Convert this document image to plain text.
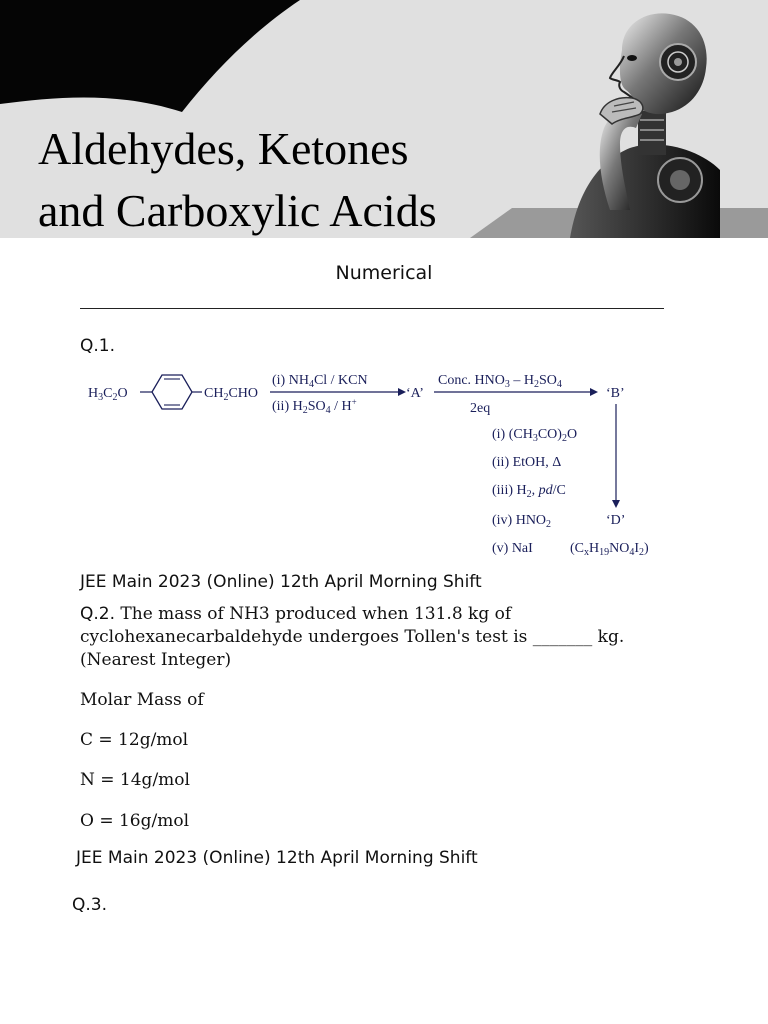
Aldehydes, Ketones
and Carboxylic Acids
Numerical
Q.1.
$H_3C_2O$	$CH_2CHO$
(i) $NH_4Cl$ / KCN
(ii) $H_2SO_4 / H^+$
‘A’
Conc. $HNO_3 - H_2SO_4$
2eq
‘B’
(i) $(CH_3CO)_2O$
(ii) EtOH, Δ
(iii) $H_2$, pd/C
(iv) $HNO_2$	‘D’
(v) NaI	$(C_xH_{19}NO_4I_2)$
JEE Main 2023 (Online) 12th April Morning Shift
Q.2. The mass of NH3 produced when 131.8 kg of cyclohexanecarbaldehyde undergoes Tollen's test is _______ kg. (Nearest Integer)
Molar Mass of
C = 12g/mol
N = 14g/mol
O = 16g/mol
JEE Main 2023 (Online) 12th April Morning Shift
Q.3.
